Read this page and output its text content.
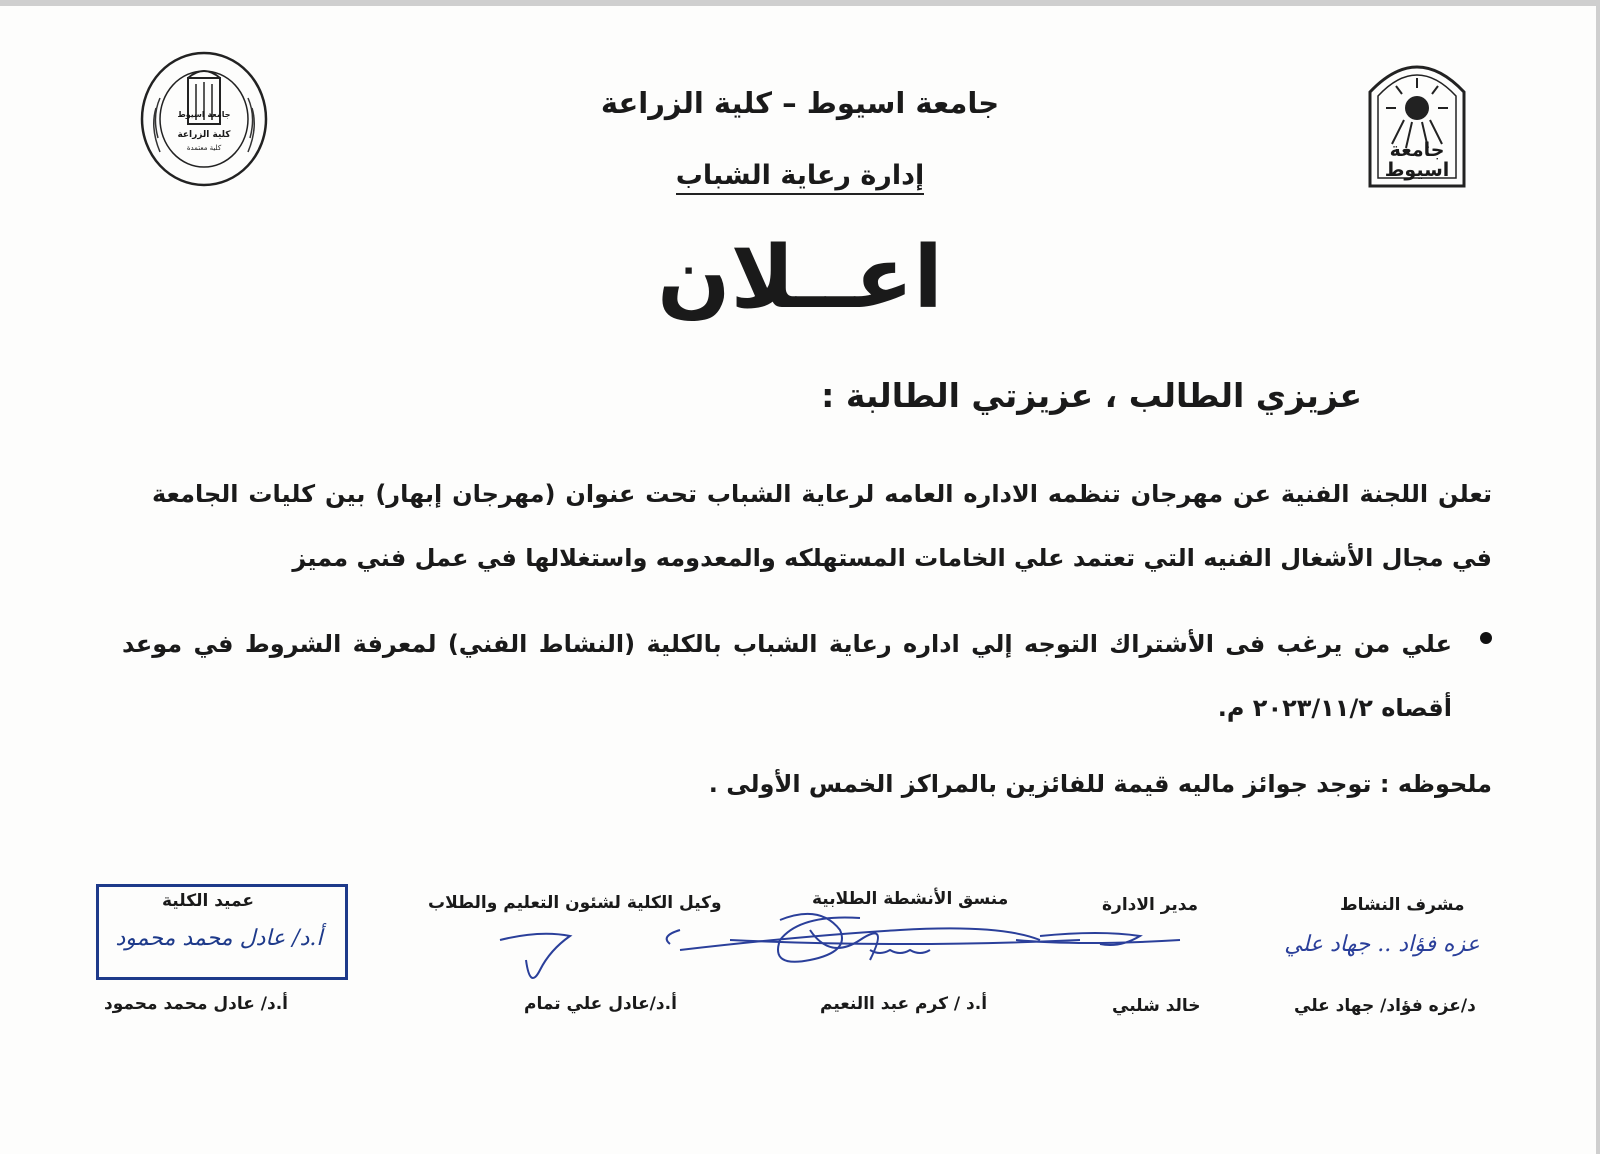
كلية الزراعة
كلية معتمدة
جامعة اسيوط
جامعة اسيوط
جامعة اسيوط – كلية الزراعة
إدارة رعاية الشباب
اعــلان
عزيزي الطالب ، عزيزتي الطالبة :
تعلن اللجنة الفنية عن مهرجان تنظمه الاداره العامه لرعاية الشباب تحت عنوان (مهرجان إبهار) بين كليات الجامعة في مجال الأشغال الفنيه التي تعتمد علي الخامات المستهلكه والمعدومه واستغلالها في عمل فني مميز
علي من يرغب فى الأشتراك التوجه إلي اداره رعاية الشباب بالكلية (النشاط الفني) لمعرفة الشروط في موعد أقصاه ٢٠٢٣/١١/٢ م.
ملحوظه : توجد جوائز ماليه قيمة للفائزين بالمراكز الخمس الأولى .
مشرف النشاط
مدير الادارة
منسق الأنشطة الطلابية
وكيل الكلية لشئون التعليم والطلاب
عميد الكلية
أ.د/ عادل محمد محمود	عزه فؤاد .. جهاد علي
د/عزه فؤاد/ جهاد علي
خالد شلبي
أ.د / كرم عبد االنعيم
أ.د/عادل علي تمام
أ.د/ عادل محمد محمود
